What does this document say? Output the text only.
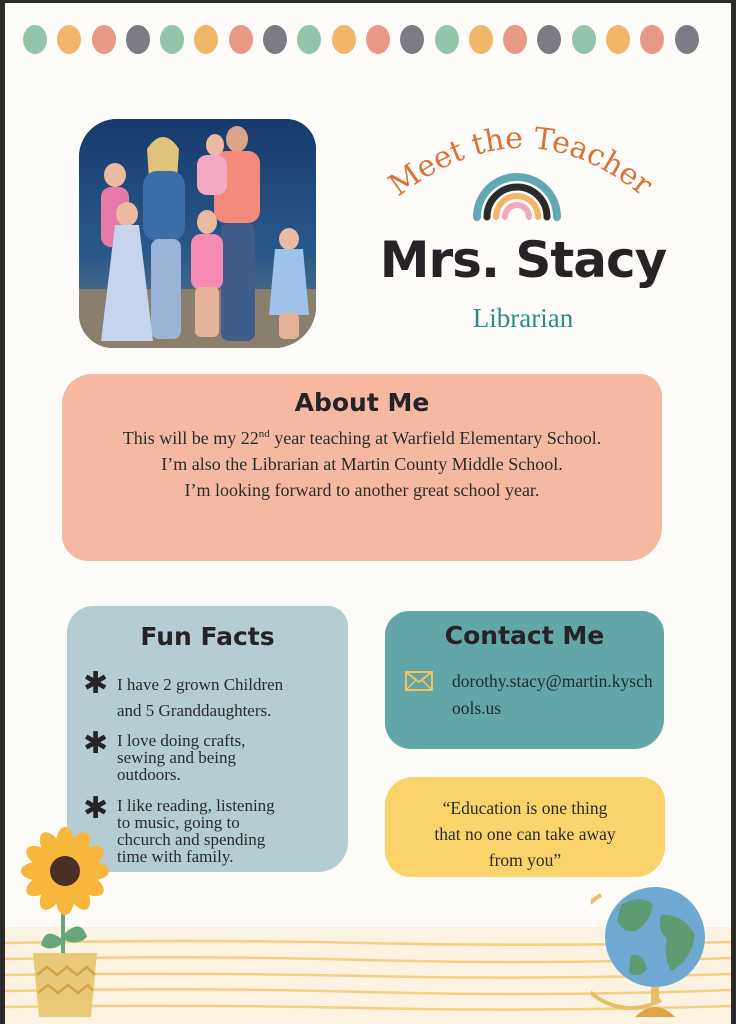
Meet the Teacher
Mrs. Stacy

Librarian

About Me
This will be my 22nd year teaching at Warfield Elementary School.
I’m also the Librarian at Martin County Middle School.
I’m looking forward to another great school year.
Fun Facts
✱ I have 2 grown Children
and 5 Granddaughters.
✱ I love doing crafts,
sewing and being
outdoors.
✱ I like reading, listening
to music, going to
chcurch and spending
time with family.
Contact Me
dorothy.stacy@martin.kyschools.us

“Education is one thing
that no one can take away
from you”
